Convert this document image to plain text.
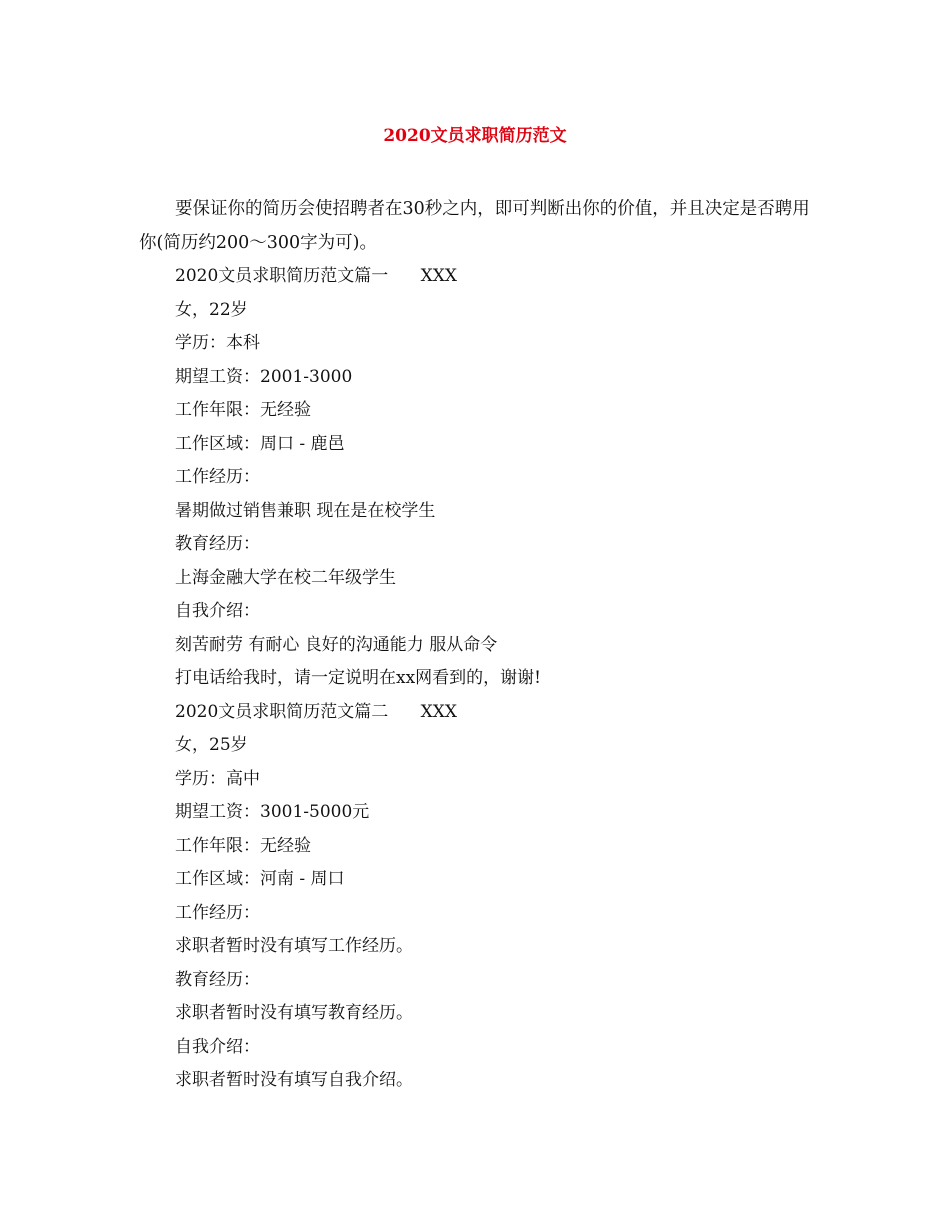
2020文员求职简历范文

要保证你的简历会使招聘者在30秒之内，即可判断出你的价值，并且决定是否聘用你(简历约200～300字为可)。

2020文员求职简历范文篇一      XXX
女，22岁
学历：本科
期望工资：2001-3000
工作年限：无经验
工作区域：周口 - 鹿邑
工作经历：
暑期做过销售兼职 现在是在校学生
教育经历：
上海金融大学在校二年级学生
自我介绍：
刻苦耐劳 有耐心 良好的沟通能力 服从命令
打电话给我时，请一定说明在xx网看到的，谢谢!
2020文员求职简历范文篇二      XXX
女，25岁
学历：高中
期望工资：3001-5000元
工作年限：无经验
工作区域：河南 - 周口
工作经历：
求职者暂时没有填写工作经历。
教育经历：
求职者暂时没有填写教育经历。
自我介绍：
求职者暂时没有填写自我介绍。
